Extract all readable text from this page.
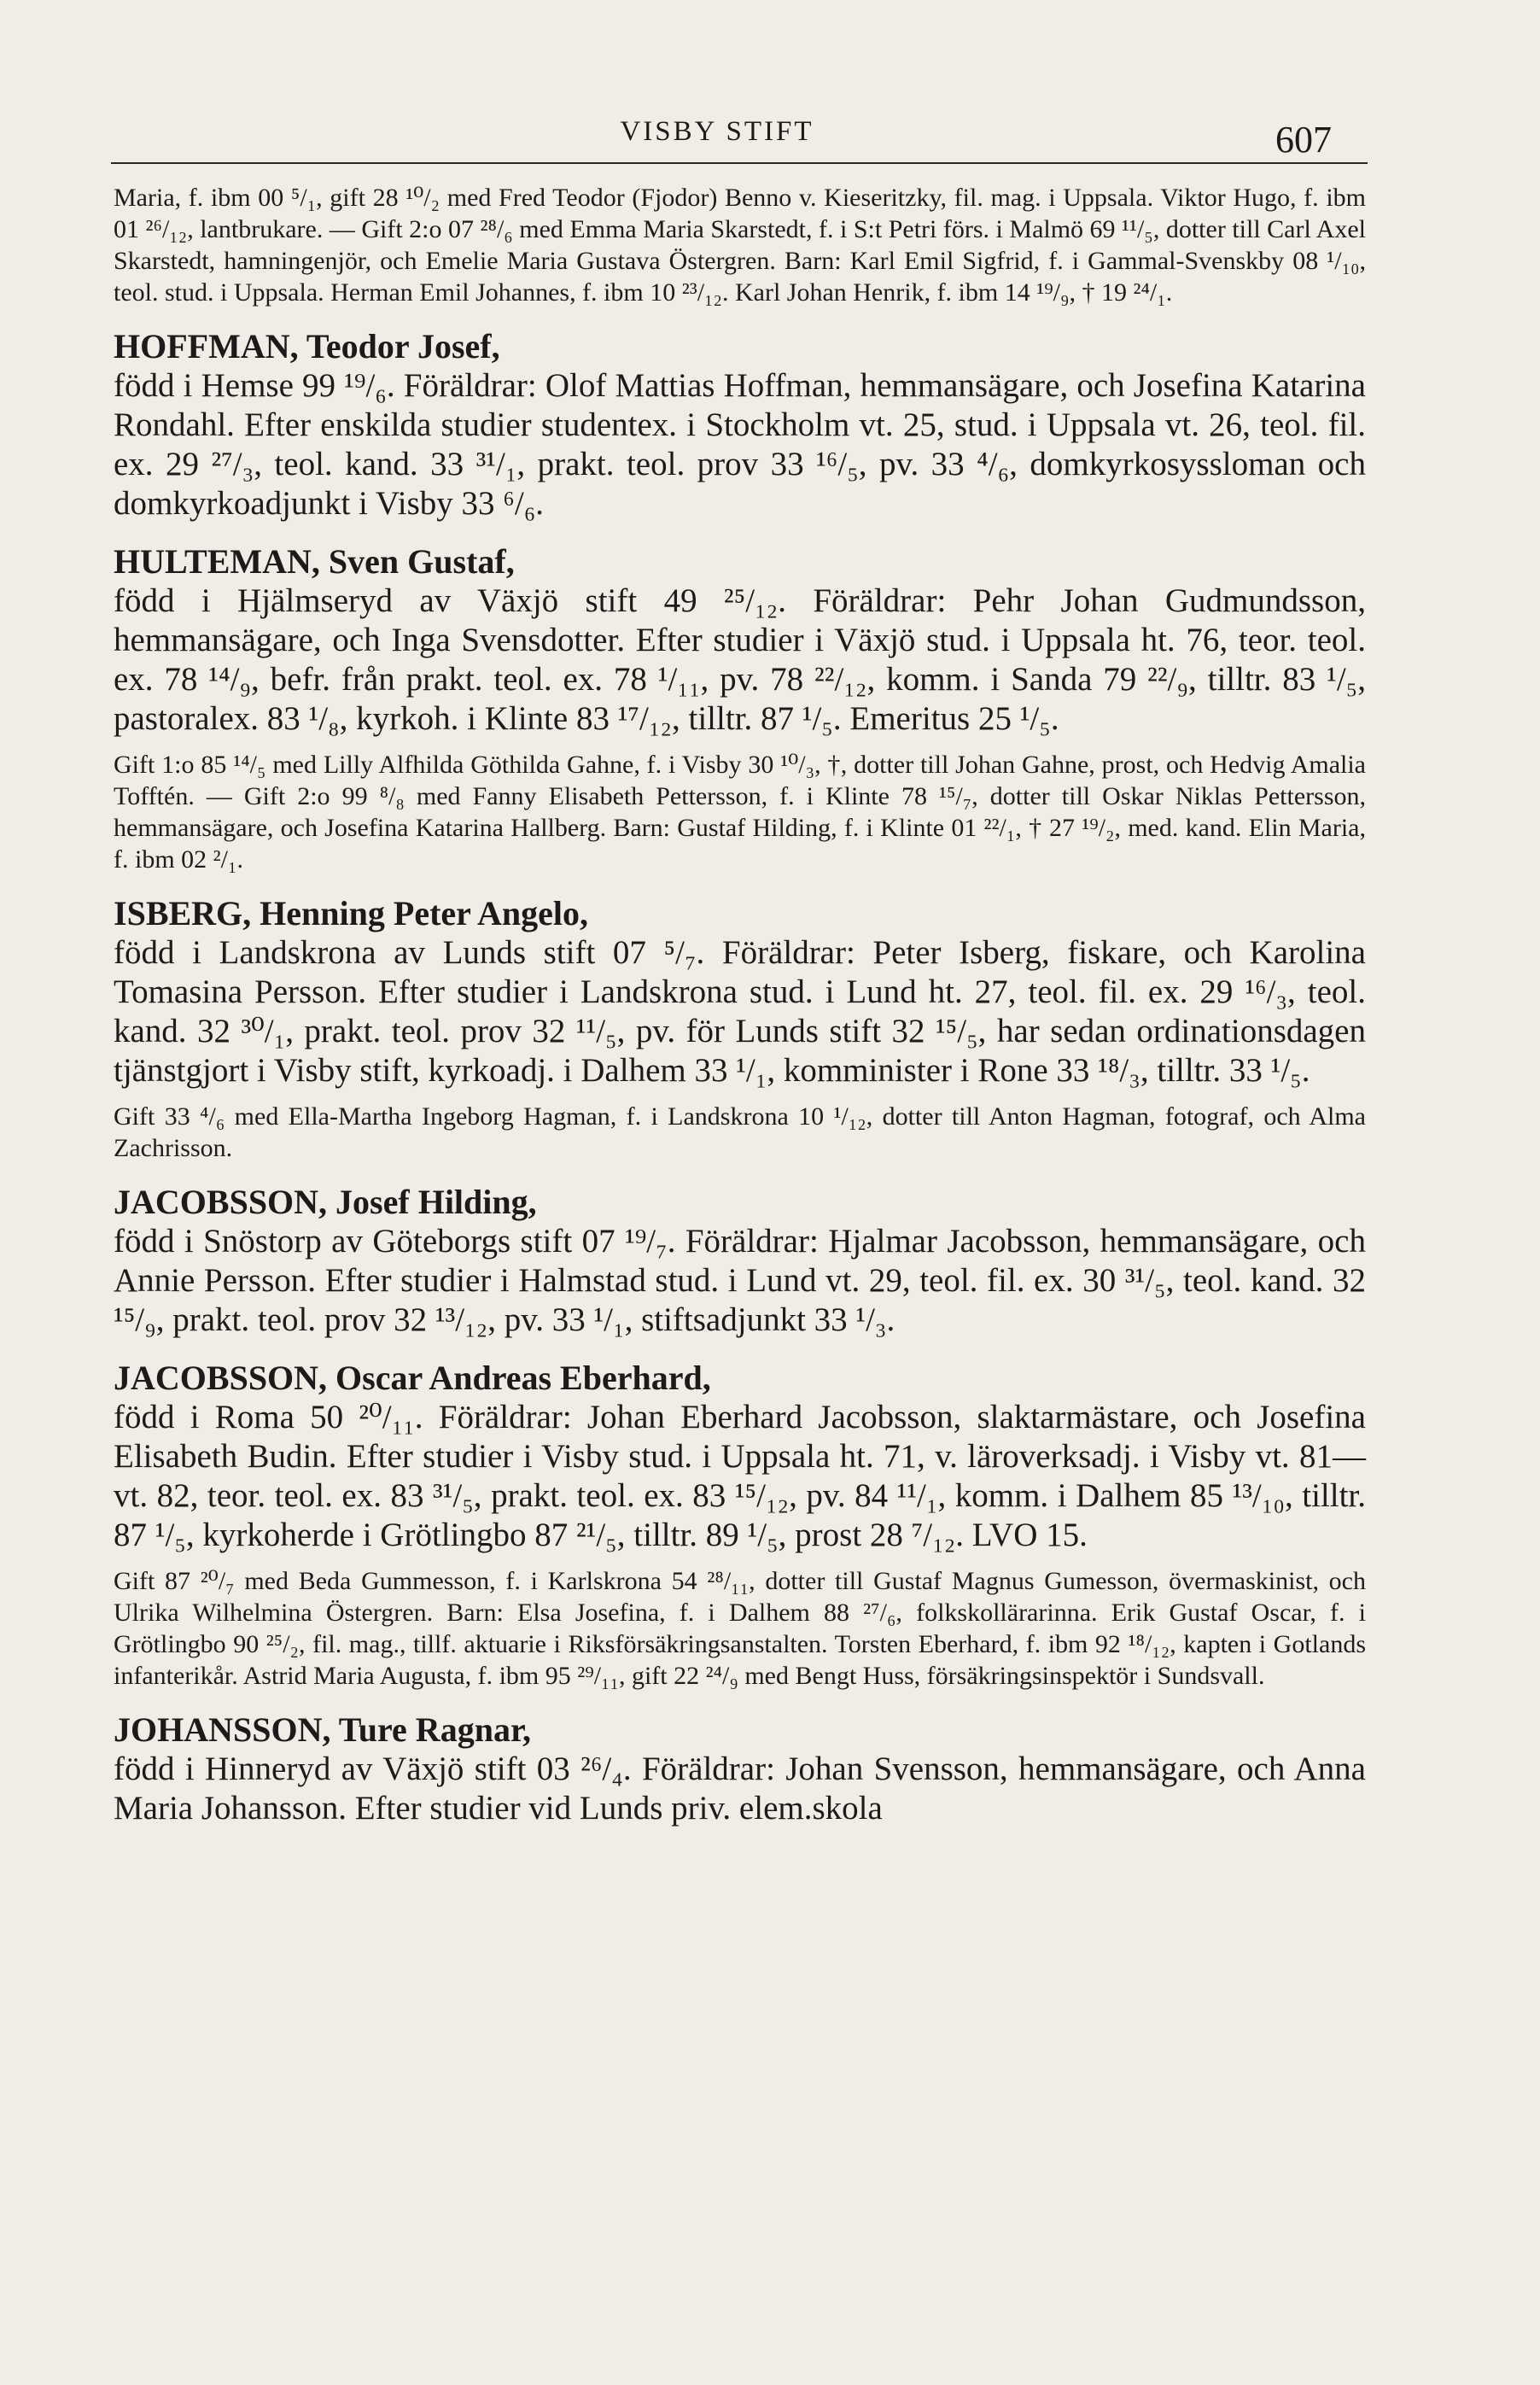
VISBY STIFT	607

Maria, f. ibm 00 ⁵/₁, gift 28 ¹⁰/₂ med Fred Teodor (Fjodor) Benno v. Kieseritzky, fil. mag. i Uppsala. Viktor Hugo, f. ibm 01 ²⁶/₁₂, lantbrukare. — Gift 2:o 07 ²⁸/₆ med Emma Maria Skarstedt, f. i S:t Petri förs. i Malmö 69 ¹¹/₅, dotter till Carl Axel Skarstedt, hamningenjör, och Emelie Maria Gustava Östergren. Barn: Karl Emil Sigfrid, f. i Gammal-Svenskby 08 ¹/₁₀, teol. stud. i Uppsala. Herman Emil Johannes, f. ibm 10 ²³/₁₂. Karl Johan Henrik, f. ibm 14 ¹⁹/₉, † 19 ²⁴/₁.

HOFFMAN, Teodor Josef,

född i Hemse 99 ¹⁹/₆. Föräldrar: Olof Mattias Hoffman, hemmansägare, och Josefina Katarina Rondahl. Efter enskilda studier studentex. i Stockholm vt. 25, stud. i Uppsala vt. 26, teol. fil. ex. 29 ²⁷/₃, teol. kand. 33 ³¹/₁, prakt. teol. prov 33 ¹⁶/₅, pv. 33 ⁴/₆, domkyrkosyssloman och domkyrkoadjunkt i Visby 33 ⁶/₆.

HULTEMAN, Sven Gustaf,

född i Hjälmseryd av Växjö stift 49 ²⁵/₁₂. Föräldrar: Pehr Johan Gudmundsson, hemmansägare, och Inga Svensdotter. Efter studier i Växjö stud. i Uppsala ht. 76, teor. teol. ex. 78 ¹⁴/₉, befr. från prakt. teol. ex. 78 ¹/₁₁, pv. 78 ²²/₁₂, komm. i Sanda 79 ²²/₉, tilltr. 83 ¹/₅, pastoralex. 83 ¹/₈, kyrkoh. i Klinte 83 ¹⁷/₁₂, tilltr. 87 ¹/₅. Emeritus 25 ¹/₅.

Gift 1:o 85 ¹⁴/₅ med Lilly Alfhilda Göthilda Gahne, f. i Visby 30 ¹⁰/₃, †, dotter till Johan Gahne, prost, och Hedvig Amalia Tofftén. — Gift 2:o 99 ⁸/₈ med Fanny Elisabeth Pettersson, f. i Klinte 78 ¹⁵/₇, dotter till Oskar Niklas Pettersson, hemmansägare, och Josefina Katarina Hallberg. Barn: Gustaf Hilding, f. i Klinte 01 ²²/₁, † 27 ¹⁹/₂, med. kand. Elin Maria, f. ibm 02 ²/₁.

ISBERG, Henning Peter Angelo,

född i Landskrona av Lunds stift 07 ⁵/₇. Föräldrar: Peter Isberg, fiskare, och Karolina Tomasina Persson. Efter studier i Landskrona stud. i Lund ht. 27, teol. fil. ex. 29 ¹⁶/₃, teol. kand. 32 ³⁰/₁, prakt. teol. prov 32 ¹¹/₅, pv. för Lunds stift 32 ¹⁵/₅, har sedan ordinationsdagen tjänstgjort i Visby stift, kyrkoadj. i Dalhem 33 ¹/₁, komminister i Rone 33 ¹⁸/₃, tilltr. 33 ¹/₅.

Gift 33 ⁴/₆ med Ella-Martha Ingeborg Hagman, f. i Landskrona 10 ¹/₁₂, dotter till Anton Hagman, fotograf, och Alma Zachrisson.

JACOBSSON, Josef Hilding,

född i Snöstorp av Göteborgs stift 07 ¹⁹/₇. Föräldrar: Hjalmar Jacobsson, hemmansägare, och Annie Persson. Efter studier i Halmstad stud. i Lund vt. 29, teol. fil. ex. 30 ³¹/₅, teol. kand. 32 ¹⁵/₉, prakt. teol. prov 32 ¹³/₁₂, pv. 33 ¹/₁, stiftsadjunkt 33 ¹/₃.

JACOBSSON, Oscar Andreas Eberhard,

född i Roma 50 ²⁰/₁₁. Föräldrar: Johan Eberhard Jacobsson, slaktarmästare, och Josefina Elisabeth Budin. Efter studier i Visby stud. i Uppsala ht. 71, v. läroverksadj. i Visby vt. 81—vt. 82, teor. teol. ex. 83 ³¹/₅, prakt. teol. ex. 83 ¹⁵/₁₂, pv. 84 ¹¹/₁, komm. i Dalhem 85 ¹³/₁₀, tilltr. 87 ¹/₅, kyrkoherde i Grötlingbo 87 ²¹/₅, tilltr. 89 ¹/₅, prost 28 ⁷/₁₂. LVO 15.

Gift 87 ²⁰/₇ med Beda Gummesson, f. i Karlskrona 54 ²⁸/₁₁, dotter till Gustaf Magnus Gumesson, övermaskinist, och Ulrika Wilhelmina Östergren. Barn: Elsa Josefina, f. i Dalhem 88 ²⁷/₆, folkskollärarinna. Erik Gustaf Oscar, f. i Grötlingbo 90 ²⁵/₂, fil. mag., tillf. aktuarie i Riksförsäkringsanstalten. Torsten Eberhard, f. ibm 92 ¹⁸/₁₂, kapten i Gotlands infanterikår. Astrid Maria Augusta, f. ibm 95 ²⁹/₁₁, gift 22 ²⁴/₉ med Bengt Huss, försäkringsinspektör i Sundsvall.

JOHANSSON, Ture Ragnar,

född i Hinneryd av Växjö stift 03 ²⁶/₄. Föräldrar: Johan Svensson, hemmansägare, och Anna Maria Johansson. Efter studier vid Lunds priv. elem.skola
